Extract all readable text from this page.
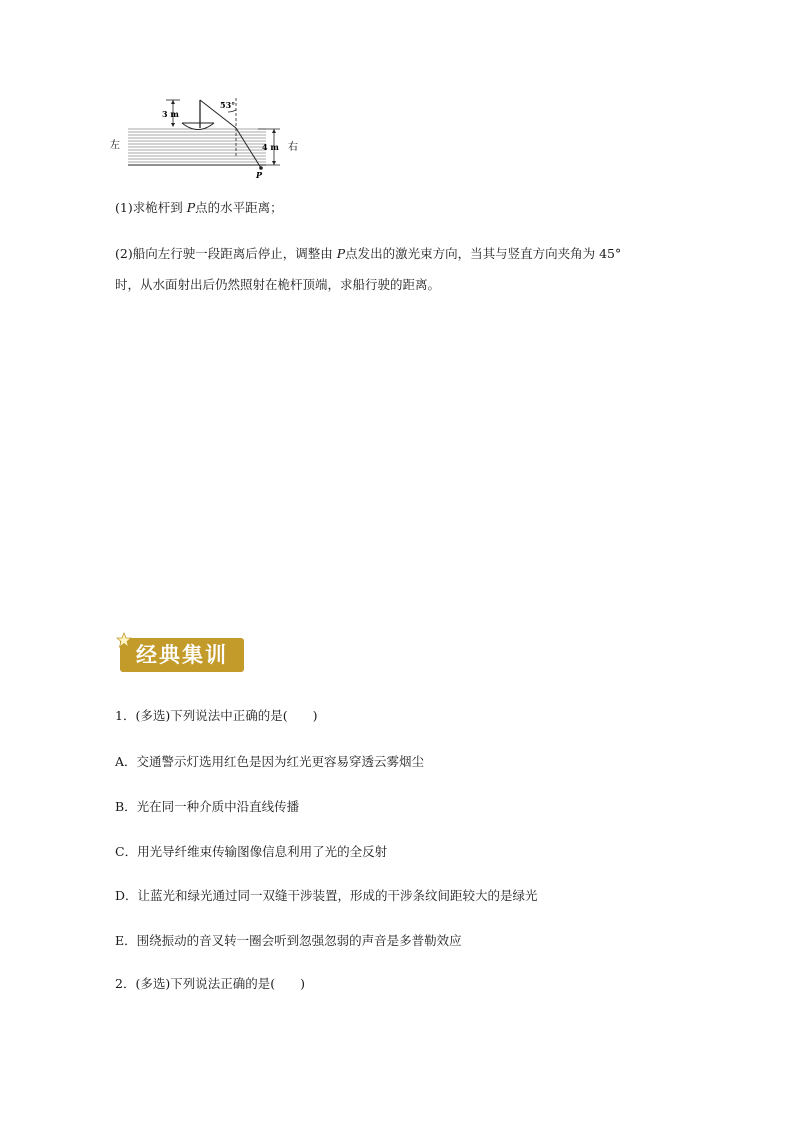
3 m
53°
4 m 右
左
P
(1)求桅杆到 P点的水平距离；
(2)船向左行驶一段距离后停止，调整由 P点发出的激光束方向，当其与竖直方向夹角为 45°
时，从水面射出后仍然照射在桅杆顶端，求船行驶的距离。
经典集训
1．(多选)下列说法中正确的是(　　)
A．交通警示灯选用红色是因为红光更容易穿透云雾烟尘
B．光在同一种介质中沿直线传播
C．用光导纤维束传输图像信息利用了光的全反射
D．让蓝光和绿光通过同一双缝干涉装置，形成的干涉条纹间距较大的是绿光
E．围绕振动的音叉转一圈会听到忽强忽弱的声音是多普勒效应
2．(多选)下列说法正确的是(　　)
